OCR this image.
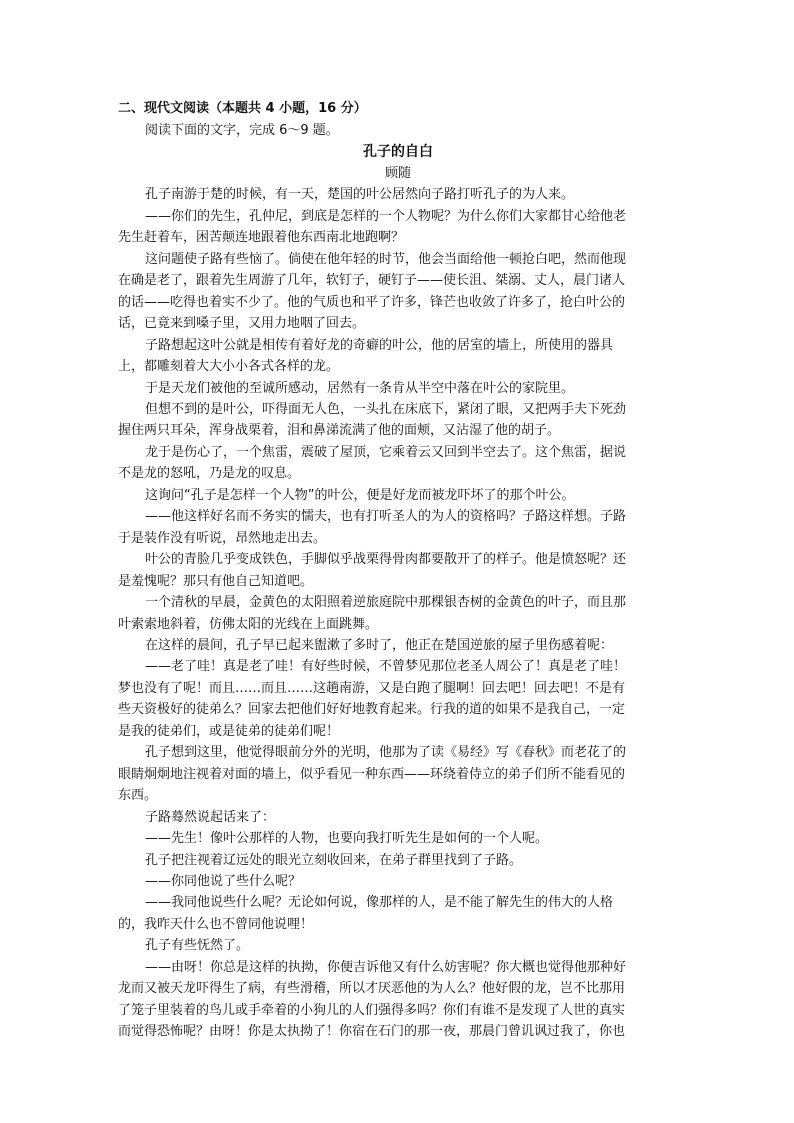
二、现代文阅读（本题共 4 小题，16 分）

阅读下面的文字，完成 6～9 题。

孔子的自白

顾随

孔子南游于楚的时候，有一天，楚国的叶公居然向子路打听孔子的为人来。

——你们的先生，孔仲尼，到底是怎样的一个人物呢？为什么你们大家都甘心给他老

先生赶着车，困苦颠连地跟着他东西南北地跑啊？

这问题使子路有些恼了。倘使在他年轻的时节，他会当面给他一顿抢白吧，然而他现

在确是老了，跟着先生周游了几年，软钉子，硬钉子——使长沮、桀溺、丈人，晨门诸人

的话——吃得也着实不少了。他的气质也和平了许多，锋芒也收敛了许多了，抢白叶公的

话，已竟来到嗓子里，又用力地咽了回去。

子路想起这叶公就是相传有着好龙的奇癖的叶公，他的居室的墙上，所使用的器具

上，都雕刻着大大小小各式各样的龙。

于是天龙们被他的至诚所感动，居然有一条肯从半空中落在叶公的家院里。

但想不到的是叶公，吓得面无人色，一头扎在床底下，紧闭了眼，又把两手夫下死劲

握住两只耳朵，浑身战栗着，泪和鼻涕流满了他的面颊，又沾湿了他的胡子。

龙于是伤心了，一个焦雷，震破了屋顶，它乘着云又回到半空去了。这个焦雷，据说

不是龙的怒吼，乃是龙的叹息。

这询问“孔子是怎样一个人物”的叶公，便是好龙而被龙吓坏了的那个叶公。

——他这样好名而不务实的懦夫，也有打听圣人的为人的资格吗？子路这样想。子路

于是装作没有听说，昂然地走出去。

叶公的青脸几乎变成铁色，手脚似乎战栗得骨肉都要散开了的样子。他是愤怒呢？还

是羞愧呢？那只有他自己知道吧。

一个清秋的早晨，金黄色的太阳照着逆旅庭院中那棵银杏树的金黄色的叶子，而且那

叶索索地斜着，仿佛太阳的光线在上面跳舞。

在这样的晨间，孔子早已起来盥漱了多时了，他正在楚国逆旅的屋子里伤感着呢：

——老了哇！真是老了哇！有好些时候，不曾梦见那位老圣人周公了！真是老了哇！

梦也没有了呢！而且……而且……这趟南游，又是白跑了腿啊！回去吧！回去吧！不是有

些天资极好的徒弟么？回家去把他们好好地教育起来。行我的道的如果不是我自己，一定

是我的徒弟们，或是徒弟的徒弟们呢！

孔子想到这里，他觉得眼前分外的光明，他那为了读《易经》写《春秋》而老花了的

眼睛炯炯地注视着对面的墙上，似乎看见一种东西——环绕着侍立的弟子们所不能看见的

东西。

子路蓦然说起话来了：

——先生！像叶公那样的人物，也要向我打听先生是如何的一个人呢。

孔子把注视着辽远处的眼光立刻收回来，在弟子群里找到了子路。

——你同他说了些什么呢？

——我同他说些什么呢？无论如何说，像那样的人，是不能了解先生的伟大的人格

的，我昨天什么也不曾同他说哩！

孔子有些怃然了。

——由呀！你总是这样的执拗，你便吉诉他又有什么妨害呢？你大概也觉得他那种好

龙而又被天龙吓得生了病，有些滑稽，所以才厌恶他的为人么？他好假的龙，岂不比那用

了笼子里装着的鸟儿或手牵着的小狗儿的人们强得多吗？你们有谁不是发现了人世的真实

而觉得恐怖呢？由呀！你是太执拗了！你宿在石门的那一夜，那晨门曾讥讽过我了，你也
